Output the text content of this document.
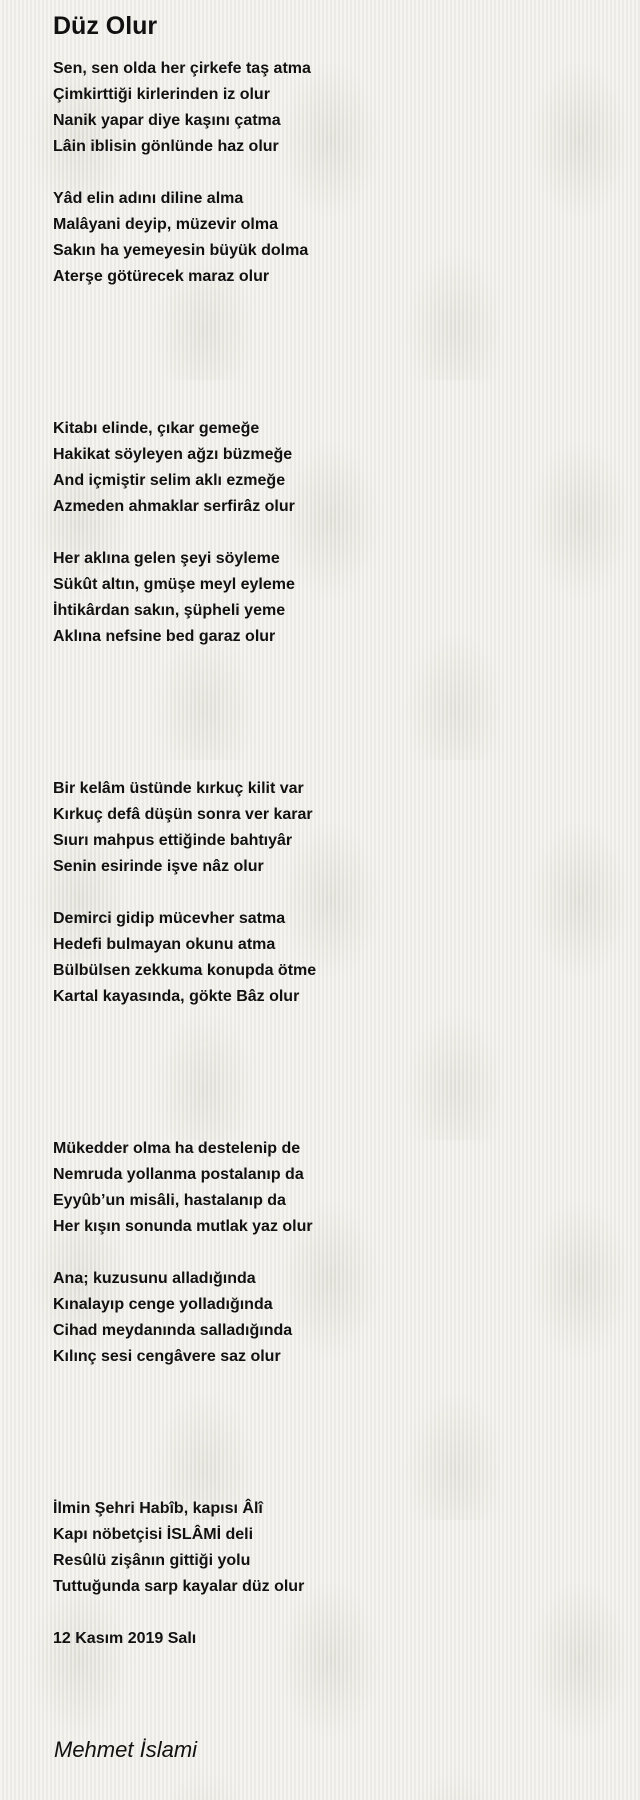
Düz Olur
Sen, sen olda her çirkefe taş atma
Çimkirttiği kirlerinden iz olur
Nanik yapar diye kaşını çatma
Lâin iblisin gönlünde haz olur
Yâd elin adını diline alma
Malâyani deyip, müzevir olma
Sakın ha yemeyesin büyük dolma
Aterşe götürecek maraz olur
Kitabı elinde, çıkar gemeğe
Hakikat söyleyen ağzı büzmeğe
And içmiştir selim aklı ezmeğe
Azmeden ahmaklar serfirâz olur
Her aklına gelen şeyi söyleme
Sükût altın, gmüşe meyl eyleme
İhtikârdan sakın, şüpheli yeme
Aklına nefsine bed garaz olur
Bir kelâm üstünde kırkuç kilit var
Kırkuç defâ düşün sonra ver karar
Sıurı mahpus ettiğinde bahtıyâr
Senin esirinde işve nâz olur
Demirci gidip mücevher satma
Hedefi bulmayan okunu atma
Bülbülsen zekkuma konupda ötme
Kartal kayasında, gökte Bâz olur
Mükedder olma ha destelenip de
Nemruda yollanma postalanıp da
Eyyûb’un misâli, hastalanıp da
Her kışın sonunda mutlak yaz olur
Ana; kuzusunu alladığında
Kınalayıp cenge yolladığında
Cihad meydanında salladığında
Kılınç sesi cengâvere saz olur
İlmin Şehri Habîb, kapısı Âlî
Kapı nöbetçisi İSLÂMİ deli
Resûlü zişânın gittiği yolu
Tuttuğunda sarp kayalar düz olur
12 Kasım 2019 Salı
Mehmet İslami
